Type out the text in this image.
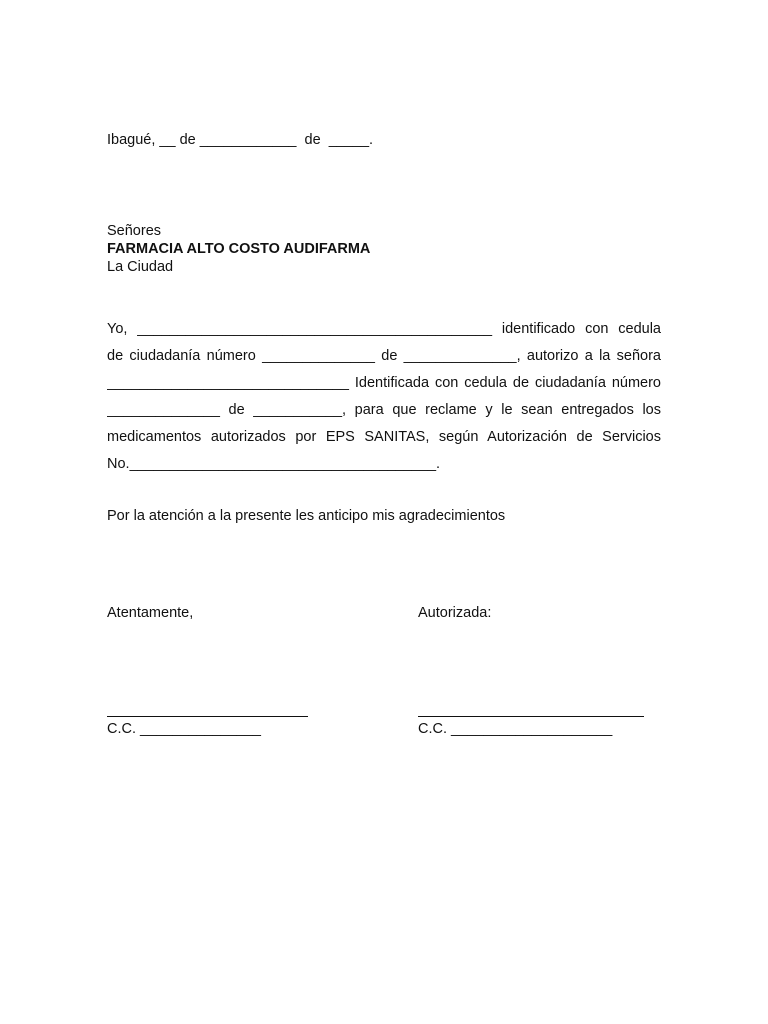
Ibagué, __ de ____________  de  _____.
Señores
FARMACIA ALTO COSTO AUDIFARMA
La Ciudad
Yo, ____________________________________________ identificado con cedula
de ciudadanía número ______________ de ______________, autorizo a la señora
______________________________ Identificada con cedula de ciudadanía número
______________ de ___________, para que reclame y le sean entregados los
medicamentos autorizados por EPS SANITAS, según Autorización de Servicios
No.______________________________________.
Por la atención a la presente les anticipo mis agradecimientos
Atentamente,	Autorizada:
C.C. _______________	C.C. ____________________
